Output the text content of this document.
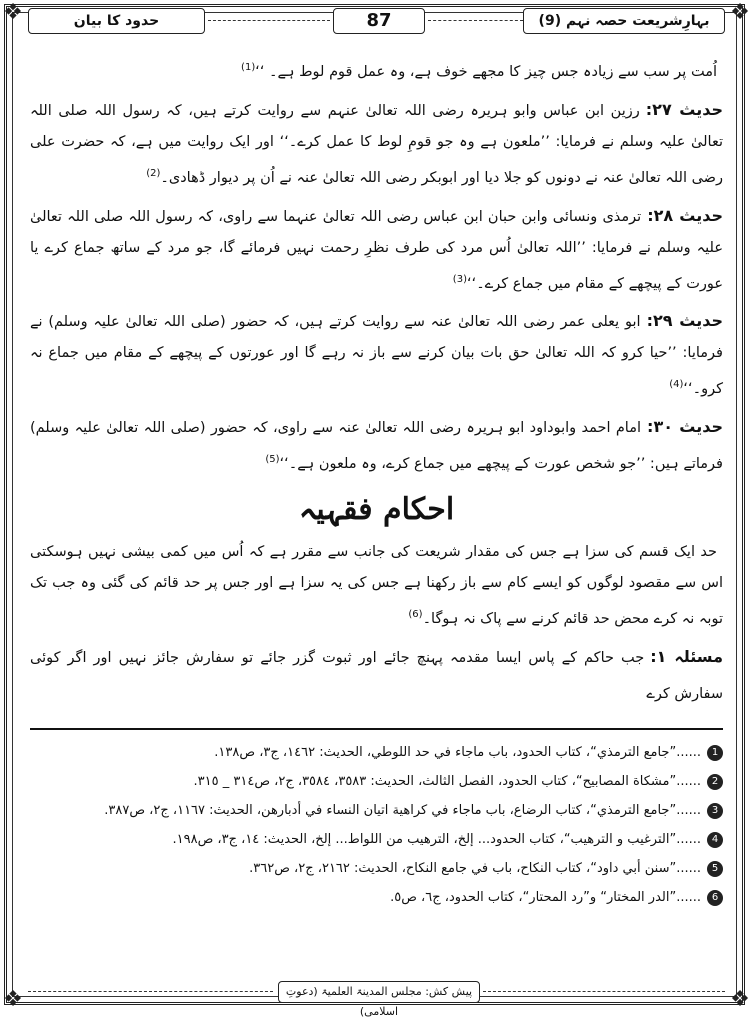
❖	❖
❖	❖
حدود کا بیان	87	بہارِشریعت حصہ نہم (9)

اُمت پر سب سے زیادہ جس چیز کا مجھے خوف ہے، وہ عمل قوم لوط ہے۔ ‘‘$^{(1)}$

حدیث ۲۷:رزین ابن عباس وابو ہریرہ رضی اللہ تعالیٰ عنہم سے روایت کرتے ہیں، کہ رسول اللہ صلی اللہ تعالیٰ علیہ وسلم نے فرمایا: ’’ملعون ہے وہ جو قومِ لوط کا عمل کرے۔‘‘ اور ایک روایت میں ہے، کہ حضرت علی رضی اللہ تعالیٰ عنہ نے دونوں کو جلا دیا اور ابوبکر رضی اللہ تعالیٰ عنہ نے اُن پر دیوار ڈھادی۔$^{(2)}$

حدیث ۲۸:ترمذی ونسائی وابن حبان ابن عباس رضی اللہ تعالیٰ عنہما سے راوی، کہ رسول اللہ صلی اللہ تعالیٰ علیہ وسلم نے فرمایا: ’’اللہ تعالیٰ اُس مرد کی طرف نظرِ رحمت نہیں فرمائے گا، جو مرد کے ساتھ جماع کرے یا عورت کے پیچھے کے مقام میں جماع کرے۔‘‘$^{(3)}$

حدیث ۲۹:ابو یعلی عمر رضی اللہ تعالیٰ عنہ سے روایت کرتے ہیں، کہ حضور (صلی اللہ تعالیٰ علیہ وسلم) نے فرمایا: ’’حیا کرو کہ اللہ تعالیٰ حق بات بیان کرنے سے باز نہ رہے گا اور عورتوں کے پیچھے کے مقام میں جماع نہ کرو۔‘‘$^{(4)}$

حدیث ۳۰:امام احمد وابوداود ابو ہریرہ رضی اللہ تعالیٰ عنہ سے راوی، کہ حضور (صلی اللہ تعالیٰ علیہ وسلم) فرماتے ہیں: ’’جو شخص عورت کے پیچھے میں جماع کرے، وہ ملعون ہے۔‘‘$^{(5)}$

احکام فقہیہ

حد ایک قسم کی سزا ہے جس کی مقدار شریعت کی جانب سے مقرر ہے کہ اُس میں کمی بیشی نہیں ہوسکتی اس سے مقصود لوگوں کو ایسے کام سے باز رکھنا ہے جس کی یہ سزا ہے اور جس پر حد قائم کی گئی وہ جب تک توبہ نہ کرے محض حد قائم کرنے سے پاک نہ ہوگا۔$^{(6)}$

مسئلہ ۱:جب حاکم کے پاس ایسا مقدمہ پہنچ جائے اور ثبوت گزر جائے تو سفارش جائز نہیں اور اگر کوئی سفارش کرے

1
......”جامع الترمذي“، كتاب الحدود، باب ماجاء في حد اللوطي، الحديث: ١٤٦٢، ج٣، ص١٣٨.
2
......”مشكاة المصابيح“، كتاب الحدود، الفصل الثالث، الحديث: ٣٥٨٣، ٣٥٨٤، ج٢، ص٣١٤ _ ٣١٥.
3
......”جامع الترمذي“، كتاب الرضاع، باب ماجاء في كراهية اتيان النساء في أدبارهن، الحديث: ١١٦٧، ج٢، ص٣٨٧.
4
......”الترغيب و الترهيب“، كتاب الحدود... إلخ، الترهيب من اللواط... إلخ، الحديث: ١٤، ج٣، ص١٩٨.
5
......”سنن أبي داود“، كتاب النكاح، باب في جامع النكاح، الحديث: ٢١٦٢، ج٢، ص٣٦٢.
6
......”الدر المختار“ و”رد المحتار“، كتاب الحدود، ج٦، ص٥.
پیش کش: مجلس المدینۃ العلمیۃ (دعوتِ اسلامی)
